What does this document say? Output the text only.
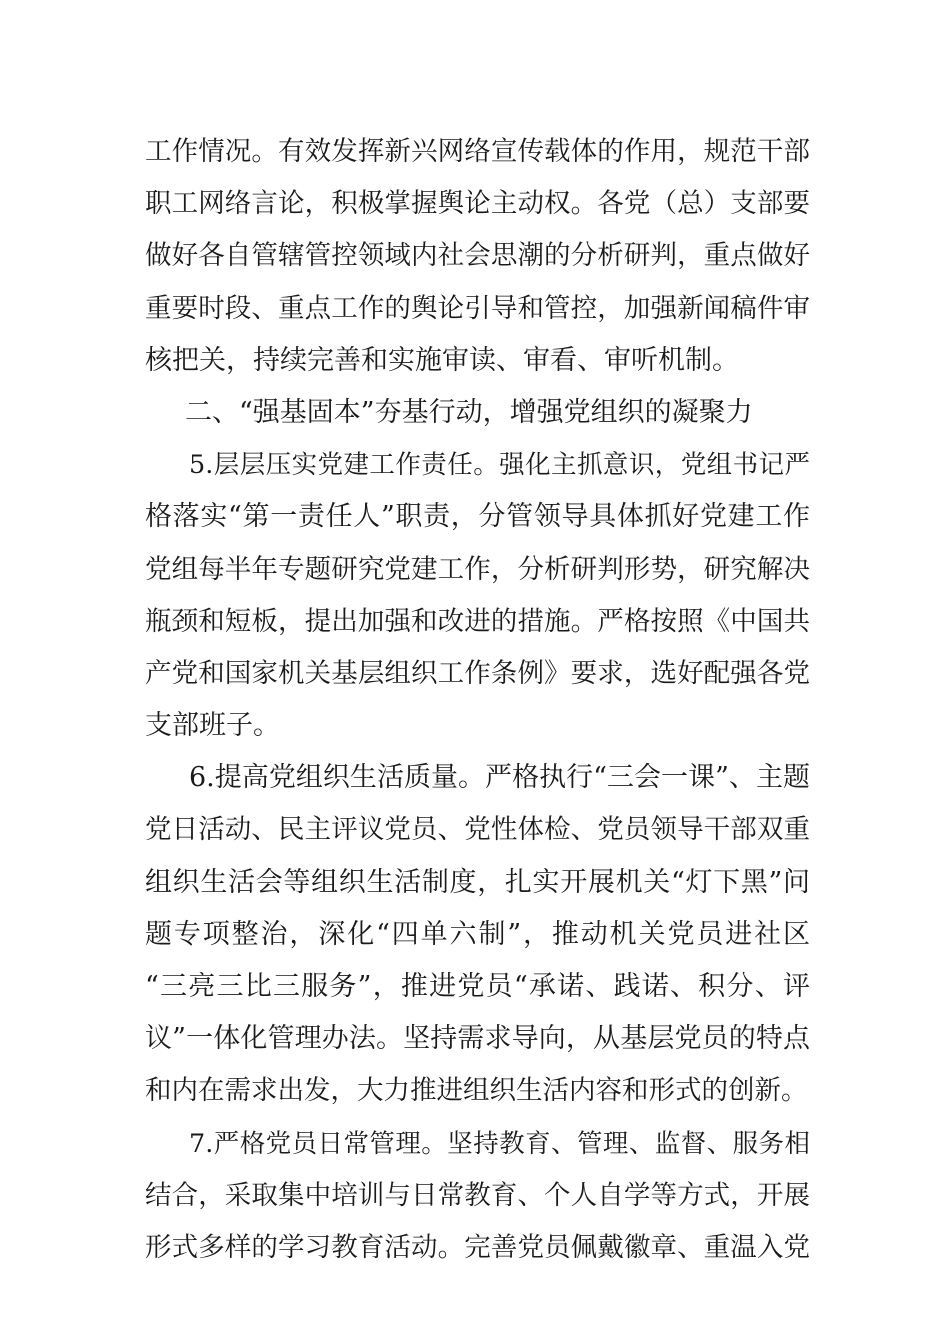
工作情况。有效发挥新兴网络宣传载体的作用，规范干部
职工网络言论，积极掌握舆论主动权。各党（总）支部要
做好各自管辖管控领域内社会思潮的分析研判，重点做好
重要时段、重点工作的舆论引导和管控，加强新闻稿件审
核把关，持续完善和实施审读、审看、审听机制。
二、“强基固本”夯基行动，增强党组织的凝聚力
5.层层压实党建工作责任。强化主抓意识，党组书记严
格落实“第一责任人”职责，分管领导具体抓好党建工作
党组每半年专题研究党建工作，分析研判形势，研究解决
瓶颈和短板，提出加强和改进的措施。严格按照《中国共
产党和国家机关基层组织工作条例》要求，选好配强各党
支部班子。
6.提高党组织生活质量。严格执行“三会一课”、主题
党日活动、民主评议党员、党性体检、党员领导干部双重
组织生活会等组织生活制度，扎实开展机关“灯下黑”问
题专项整治，深化“四单六制”，推动机关党员进社区
“三亮三比三服务”，推进党员“承诺、践诺、积分、评
议”一体化管理办法。坚持需求导向，从基层党员的特点
和内在需求出发，大力推进组织生活内容和形式的创新。
7.严格党员日常管理。坚持教育、管理、监督、服务相
结合，采取集中培训与日常教育、个人自学等方式，开展
形式多样的学习教育活动。完善党员佩戴徽章、重温入党
